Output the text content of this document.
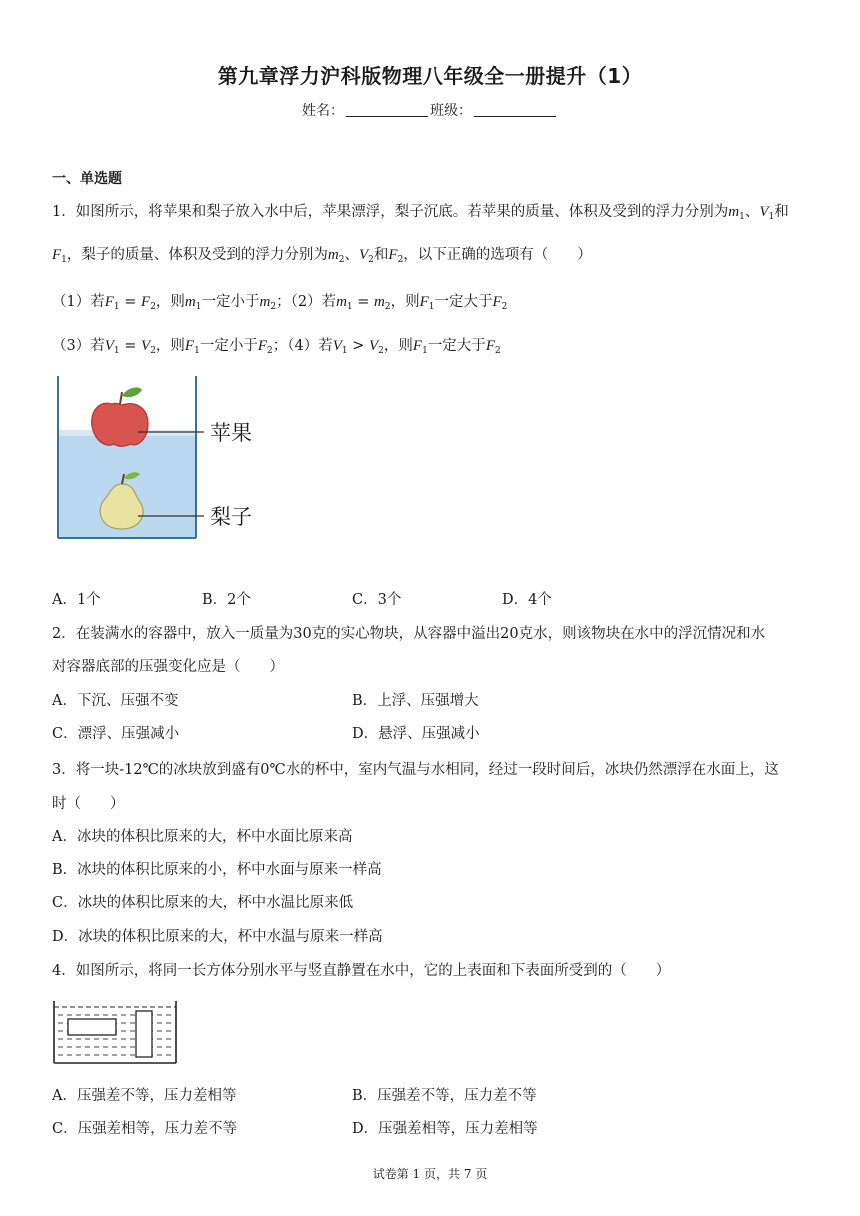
第九章浮力沪科版物理八年级全一册提升（1）
姓名：	班级：
一、单选题
1．如图所示，将苹果和梨子放入水中后，苹果漂浮，梨子沉底。若苹果的质量、体积及受到的浮力分别为$m_1$、$V_1$和
$F_1$，梨子的质量、体积及受到的浮力分别为$m_2$、$V_2$和$F_2$，以下正确的选项有（　　）
（1）若$F_1 = F_2$，则$m_1$一定小于$m_2$；（2）若$m_1 = m_2$，则$F_1$一定大于$F_2$
（3）若$V_1 = V_2$，则$F_1$一定小于$F_2$；（4）若$V_1 > V_2$，则$F_1$一定大于$F_2$
苹果
梨子
A．1个	B．2个	C．3个	D．4个
2．在装满水的容器中，放入一质量为30克的实心物块，从容器中溢出20克水，则该物块在水中的浮沉情况和水
对容器底部的压强变化应是（　　）
A．下沉、压强不变	B．上浮、压强增大
C．漂浮、压强减小	D．悬浮、压强减小
3．将一块-12℃的冰块放到盛有0℃水的杯中，室内气温与水相同，经过一段时间后，冰块仍然漂浮在水面上，这
时（　　）
A．冰块的体积比原来的大，杯中水面比原来高
B．冰块的体积比原来的小，杯中水面与原来一样高
C．冰块的体积比原来的大，杯中水温比原来低
D．冰块的体积比原来的大，杯中水温与原来一样高
4．如图所示，将同一长方体分别水平与竖直静置在水中，它的上表面和下表面所受到的（　　）
A．压强差不等，压力差相等	B．压强差不等，压力差不等
C．压强差相等，压力差不等	D．压强差相等，压力差相等
试卷第 1 页，共 7 页
